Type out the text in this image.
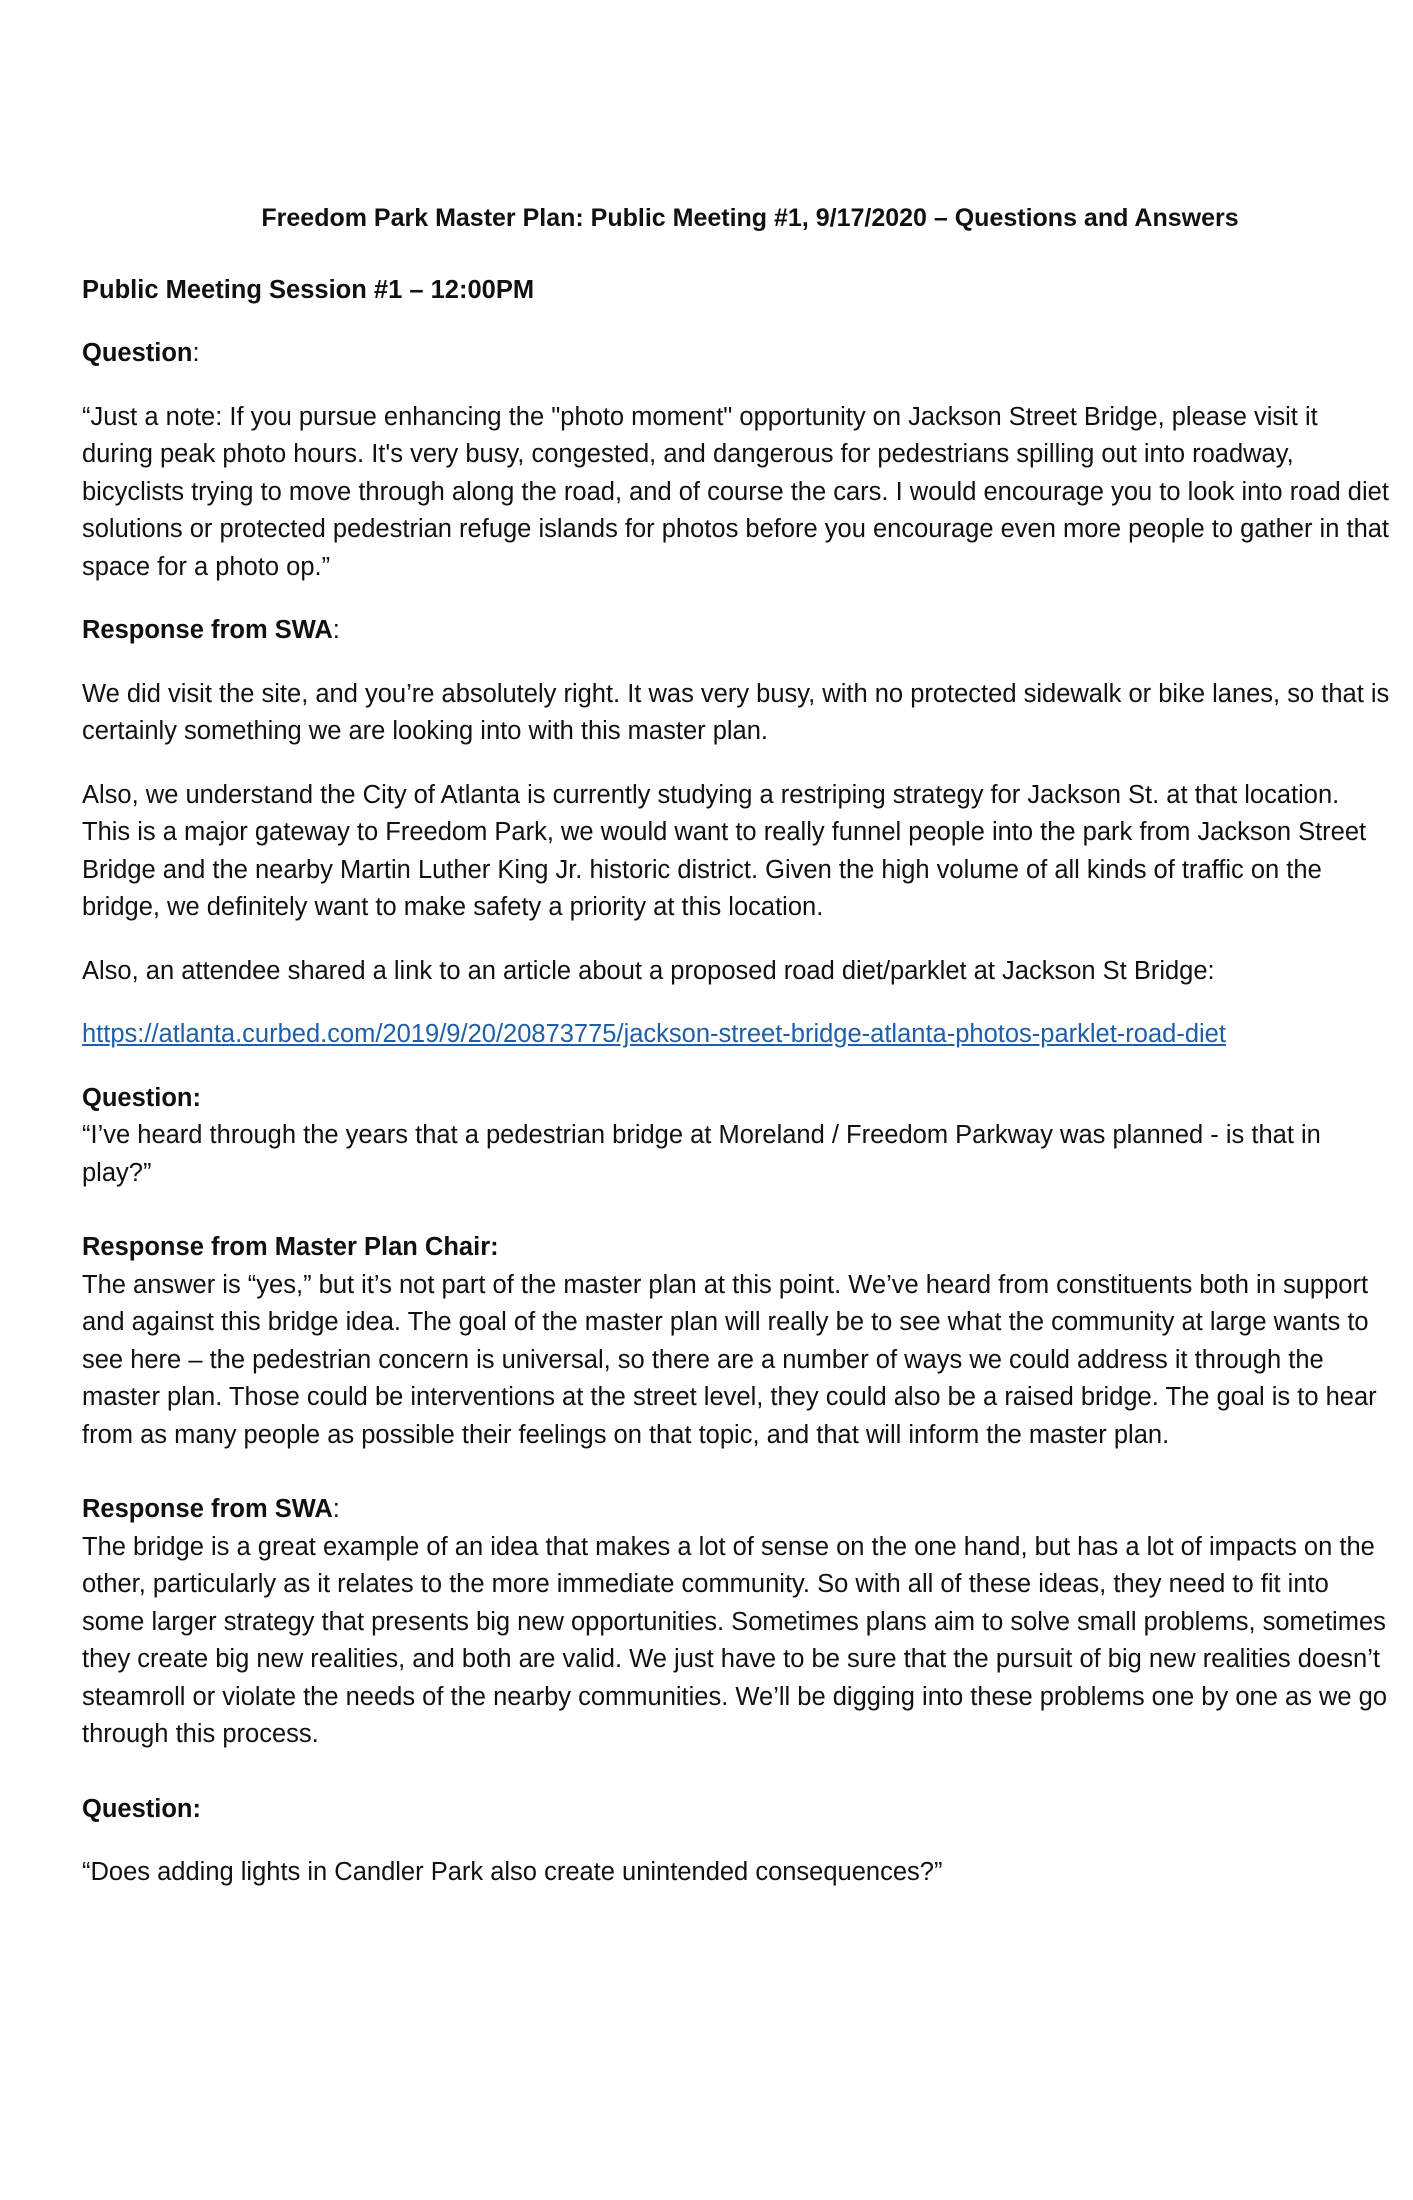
Freedom Park Master Plan: Public Meeting #1, 9/17/2020 – Questions and Answers

Public Meeting Session #1 – 12:00PM

Question:

“Just a note: If you pursue enhancing the "photo moment" opportunity on Jackson Street Bridge, please visit it during peak photo hours. It's very busy, congested, and dangerous for pedestrians spilling out into roadway, bicyclists trying to move through along the road, and of course the cars. I would encourage you to look into road diet solutions or protected pedestrian refuge islands for photos before you encourage even more people to gather in that space for a photo op.”

Response from SWA:

We did visit the site, and you’re absolutely right. It was very busy, with no protected sidewalk or bike lanes, so that is certainly something we are looking into with this master plan.

Also, we understand the City of Atlanta is currently studying a restriping strategy for Jackson St. at that location. This is a major gateway to Freedom Park, we would want to really funnel people into the park from Jackson Street Bridge and the nearby Martin Luther King Jr. historic district. Given the high volume of all kinds of traffic on the bridge, we definitely want to make safety a priority at this location.

Also, an attendee shared a link to an article about a proposed road diet/parklet at Jackson St Bridge:

https://atlanta.curbed.com/2019/9/20/20873775/jackson-street-bridge-atlanta-photos-parklet-road-diet

Question:

“I’ve heard through the years that a pedestrian bridge at Moreland / Freedom Parkway was planned - is that in play?”

Response from Master Plan Chair:

The answer is “yes,” but it’s not part of the master plan at this point. We’ve heard from constituents both in support and against this bridge idea. The goal of the master plan will really be to see what the community at large wants to see here – the pedestrian concern is universal, so there are a number of ways we could address it through the master plan. Those could be interventions at the street level, they could also be a raised bridge. The goal is to hear from as many people as possible their feelings on that topic, and that will inform the master plan.

Response from SWA:

The bridge is a great example of an idea that makes a lot of sense on the one hand, but has a lot of impacts on the other, particularly as it relates to the more immediate community. So with all of these ideas, they need to fit into some larger strategy that presents big new opportunities. Sometimes plans aim to solve small problems, sometimes they create big new realities, and both are valid. We just have to be sure that the pursuit of big new realities doesn’t steamroll or violate the needs of the nearby communities. We’ll be digging into these problems one by one as we go through this process.

Question:

“Does adding lights in Candler Park also create unintended consequences?”
